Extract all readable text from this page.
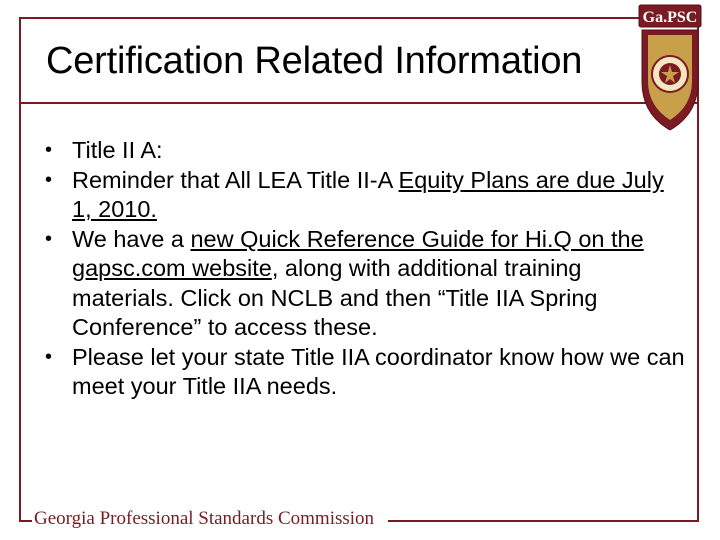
Certification Related Information
Ga.PSC
• Title II A:
• Reminder that All LEA Title II-A Equity Plans are due July 1, 2010.
• We have a new Quick Reference Guide for Hi.Q on the gapsc.com website, along with additional training materials. Click on NCLB and then “Title IIA Spring Conference” to access these.
• Please let your state Title IIA coordinator know how we can meet your Title IIA needs.
Georgia Professional Standards Commission
